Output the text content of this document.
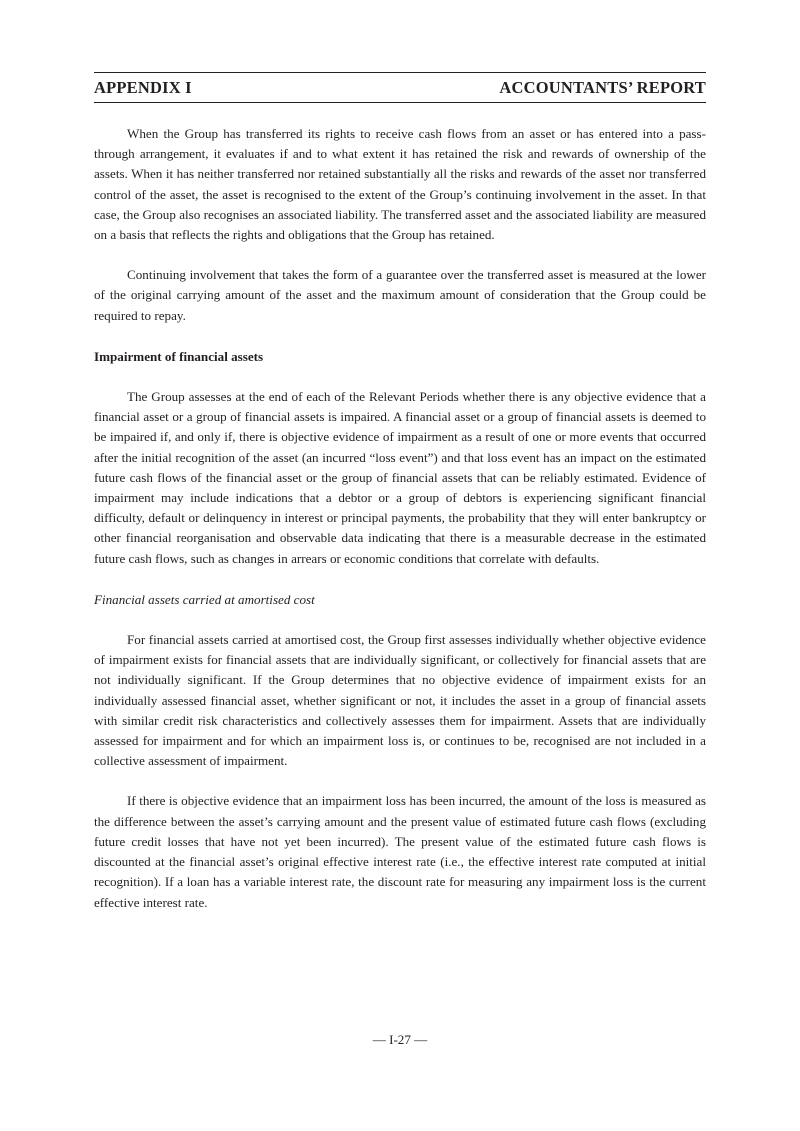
APPENDIX I	ACCOUNTANTS’ REPORT

When the Group has transferred its rights to receive cash flows from an asset or has entered into a pass-through arrangement, it evaluates if and to what extent it has retained the risk and rewards of ownership of the assets. When it has neither transferred nor retained substantially all the risks and rewards of the asset nor transferred control of the asset, the asset is recognised to the extent of the Group’s continuing involvement in the asset. In that case, the Group also recognises an associated liability. The transferred asset and the associated liability are measured on a basis that reflects the rights and obligations that the Group has retained.

Continuing involvement that takes the form of a guarantee over the transferred asset is measured at the lower of the original carrying amount of the asset and the maximum amount of consideration that the Group could be required to repay.

Impairment of financial assets

The Group assesses at the end of each of the Relevant Periods whether there is any objective evidence that a financial asset or a group of financial assets is impaired. A financial asset or a group of financial assets is deemed to be impaired if, and only if, there is objective evidence of impairment as a result of one or more events that occurred after the initial recognition of the asset (an incurred “loss event”) and that loss event has an impact on the estimated future cash flows of the financial asset or the group of financial assets that can be reliably estimated. Evidence of impairment may include indications that a debtor or a group of debtors is experiencing significant financial difficulty, default or delinquency in interest or principal payments, the probability that they will enter bankruptcy or other financial reorganisation and observable data indicating that there is a measurable decrease in the estimated future cash flows, such as changes in arrears or economic conditions that correlate with defaults.

Financial assets carried at amortised cost

For financial assets carried at amortised cost, the Group first assesses individually whether objective evidence of impairment exists for financial assets that are individually significant, or collectively for financial assets that are not individually significant. If the Group determines that no objective evidence of impairment exists for an individually assessed financial asset, whether significant or not, it includes the asset in a group of financial assets with similar credit risk characteristics and collectively assesses them for impairment. Assets that are individually assessed for impairment and for which an impairment loss is, or continues to be, recognised are not included in a collective assessment of impairment.

If there is objective evidence that an impairment loss has been incurred, the amount of the loss is measured as the difference between the asset’s carrying amount and the present value of estimated future cash flows (excluding future credit losses that have not yet been incurred). The present value of the estimated future cash flows is discounted at the financial asset’s original effective interest rate (i.e., the effective interest rate computed at initial recognition). If a loan has a variable interest rate, the discount rate for measuring any impairment loss is the current effective interest rate.

— I-27 —
